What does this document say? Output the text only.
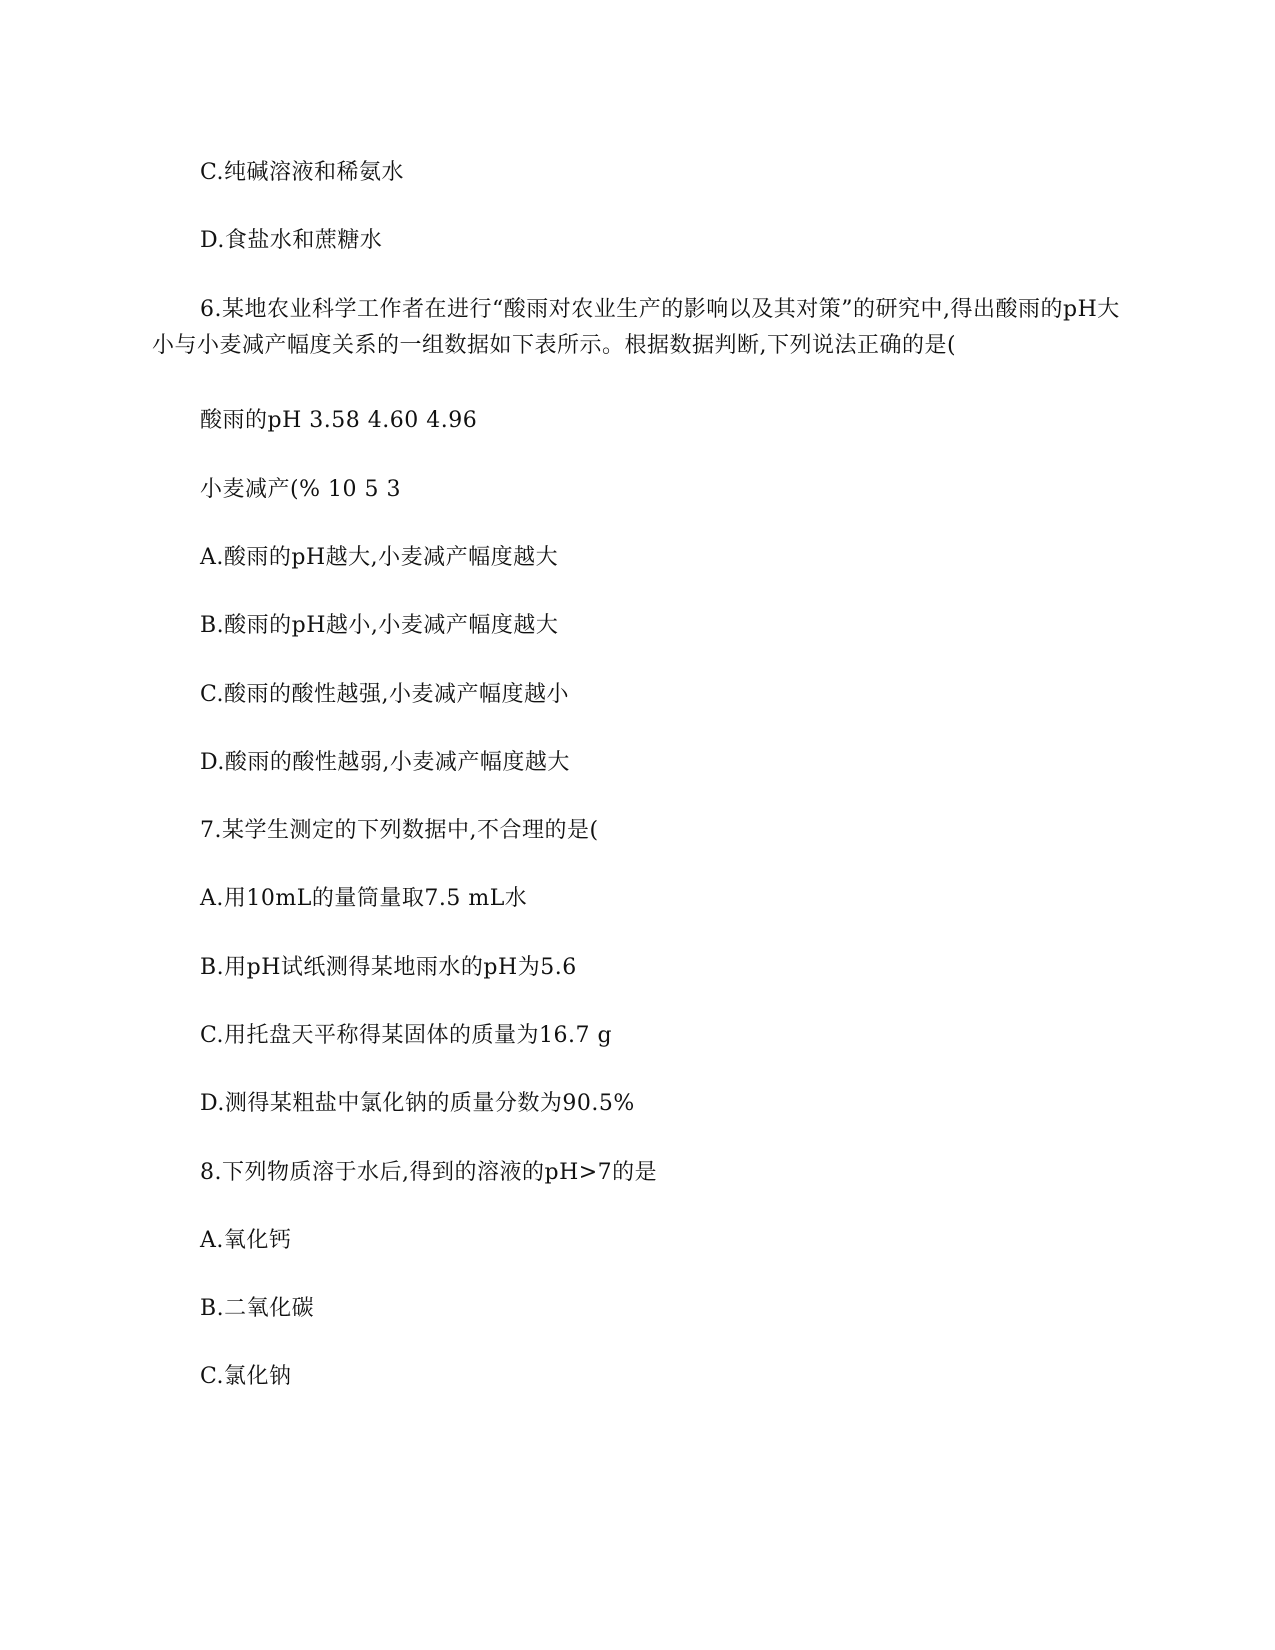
C.纯碱溶液和稀氨水
D.食盐水和蔗糖水
6.某地农业科学工作者在进行“酸雨对农业生产的影响以及其对策”的研究中,得出酸雨的pH大小与小麦减产幅度关系的一组数据如下表所示。根据数据判断,下列说法正确的是(
酸雨的pH 3.58 4.60 4.96
小麦减产(% 10 5 3
A.酸雨的pH越大,小麦减产幅度越大
B.酸雨的pH越小,小麦减产幅度越大
C.酸雨的酸性越强,小麦减产幅度越小
D.酸雨的酸性越弱,小麦减产幅度越大
7.某学生测定的下列数据中,不合理的是(
A.用10mL的量筒量取7.5 mL水
B.用pH试纸测得某地雨水的pH为5.6
C.用托盘天平称得某固体的质量为16.7 g
D.测得某粗盐中氯化钠的质量分数为90.5%
8.下列物质溶于水后,得到的溶液的pH>7的是
A.氧化钙
B.二氧化碳
C.氯化钠
